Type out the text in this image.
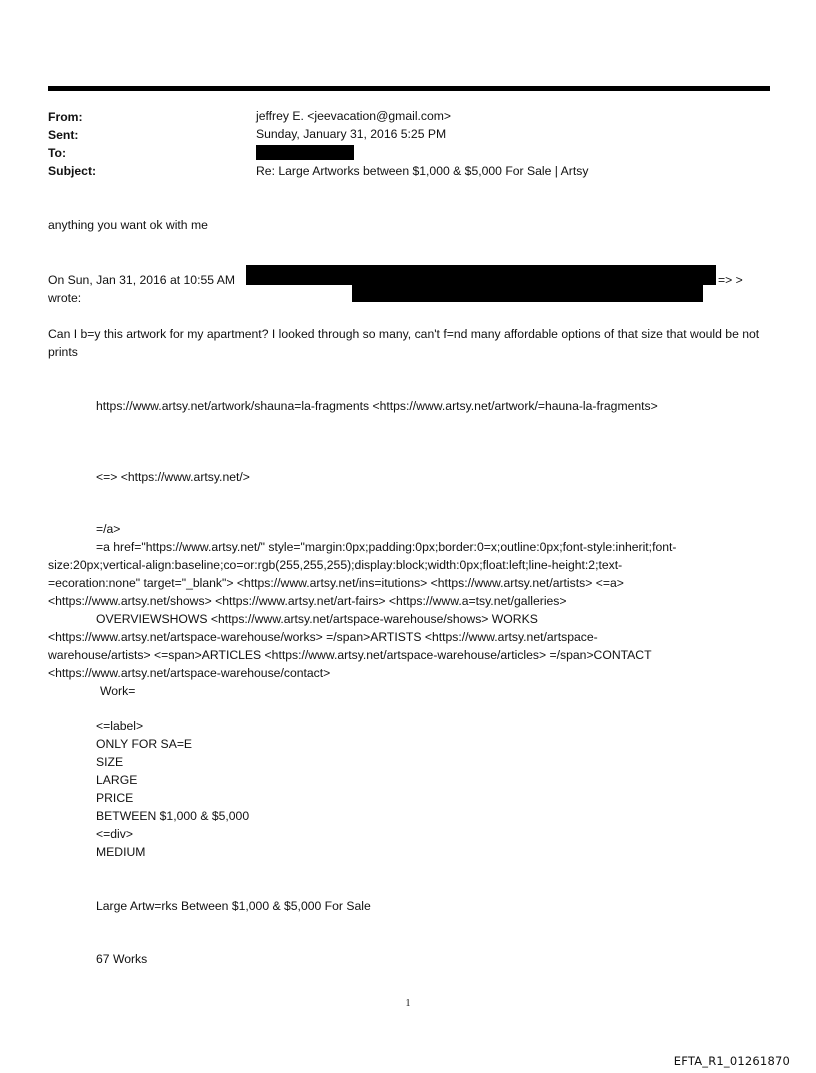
From:	jeffrey E. <jeevacation@gmail.com>
Sent:	Sunday, January 31, 2016 5:25 PM
To:
Subject:	Re: Large Artworks between $1,000 & $5,000 For Sale | Artsy
anything you want ok with me
On Sun, Jan 31, 2016 at 10:55 AM	=> >
wrote:
Can I b=y this artwork for my apartment? I looked through so many, can't f=nd many affordable options of that size that would be not prints
https://www.artsy.net/artwork/shauna=la-fragments <https://www.artsy.net/artwork/=hauna-la-fragments>
<=> <https://www.artsy.net/>
=/a>
=a href="https://www.artsy.net/" style="margin:0px;padding:0px;border:0=x;outline:0px;font-style:inherit;font-
size:20px;vertical-align:baseline;co=or:rgb(255,255,255);display:block;width:0px;float:left;line-height:2;text-
=ecoration:none" target="_blank"> <https://www.artsy.net/ins=itutions> <https://www.artsy.net/artists> <=a>
<https://www.artsy.net/shows> <https://www.artsy.net/art-fairs> <https://www.a=tsy.net/galleries>
OVERVIEWSHOWS <https://www.artsy.net/artspace-warehouse/shows> WORKS
<https://www.artsy.net/artspace-warehouse/works> =/span>ARTISTS <https://www.artsy.net/artspace-
warehouse/artists> <=span>ARTICLES <https://www.artsy.net/artspace-warehouse/articles> =/span>CONTACT
<https://www.artsy.net/artspace-warehouse/contact>
Work=
<=label>
ONLY FOR SA=E
SIZE
LARGE
PRICE
BETWEEN $1,000 & $5,000
<=div>
MEDIUM
Large Artw=rks Between $1,000 & $5,000 For Sale
67 Works
1
EFTA_R1_01261870
